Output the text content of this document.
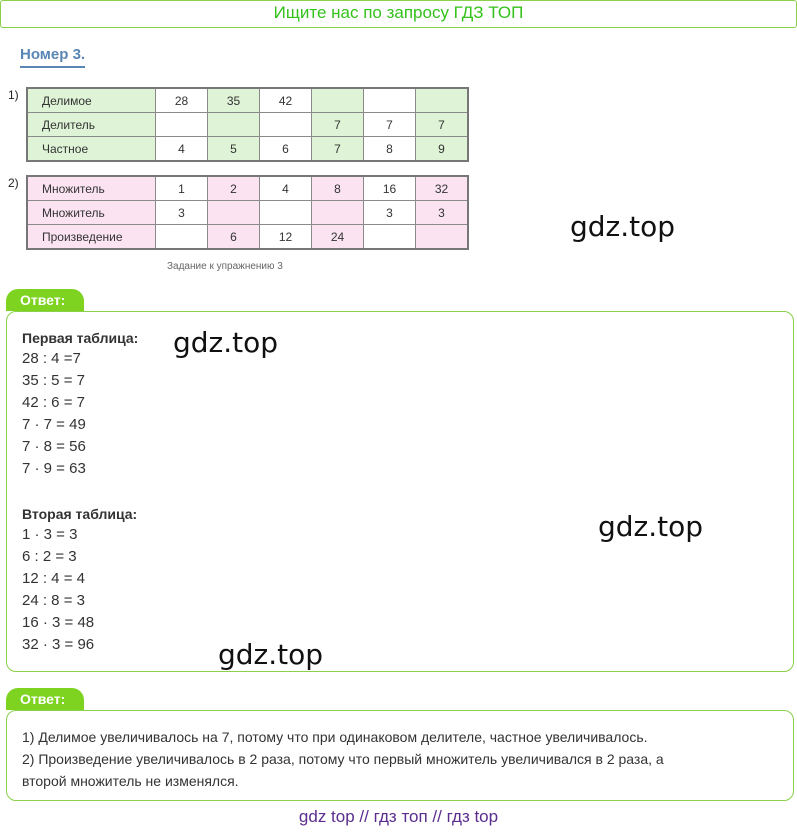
Ищите нас по запросу ГДЗ ТОП
Номер 3.
1) Делимое	28	35	42			
Делитель				7	7	7
Частное	4	5	6	7	8	9
2) Множитель	1	2	4	8	16	32
Множитель	3				3	3
Произведение		6	12	24		
Задание к упражнению 3
gdz.top
Ответ:
Первая таблица:
28 : 4 =7
35 : 5 = 7
42 : 6 = 7
7 · 7 = 49
7 · 8 = 56
7 · 9 = 63
Вторая таблица:
1 · 3 = 3
6 : 2 = 3
12 : 4 = 4
24 : 8 = 3
16 · 3 = 48
32 · 3 = 96
gdz.top
gdz.top
gdz.top
Ответ:
1) Делимое увеличивалось на 7, потому что при одинаковом делителе, частное увеличивалось.
2) Произведение увеличивалось в 2 раза, потому что первый множитель увеличивался в 2 раза, а
второй множитель не изменялся.
gdz top // гдз топ // гдз top
